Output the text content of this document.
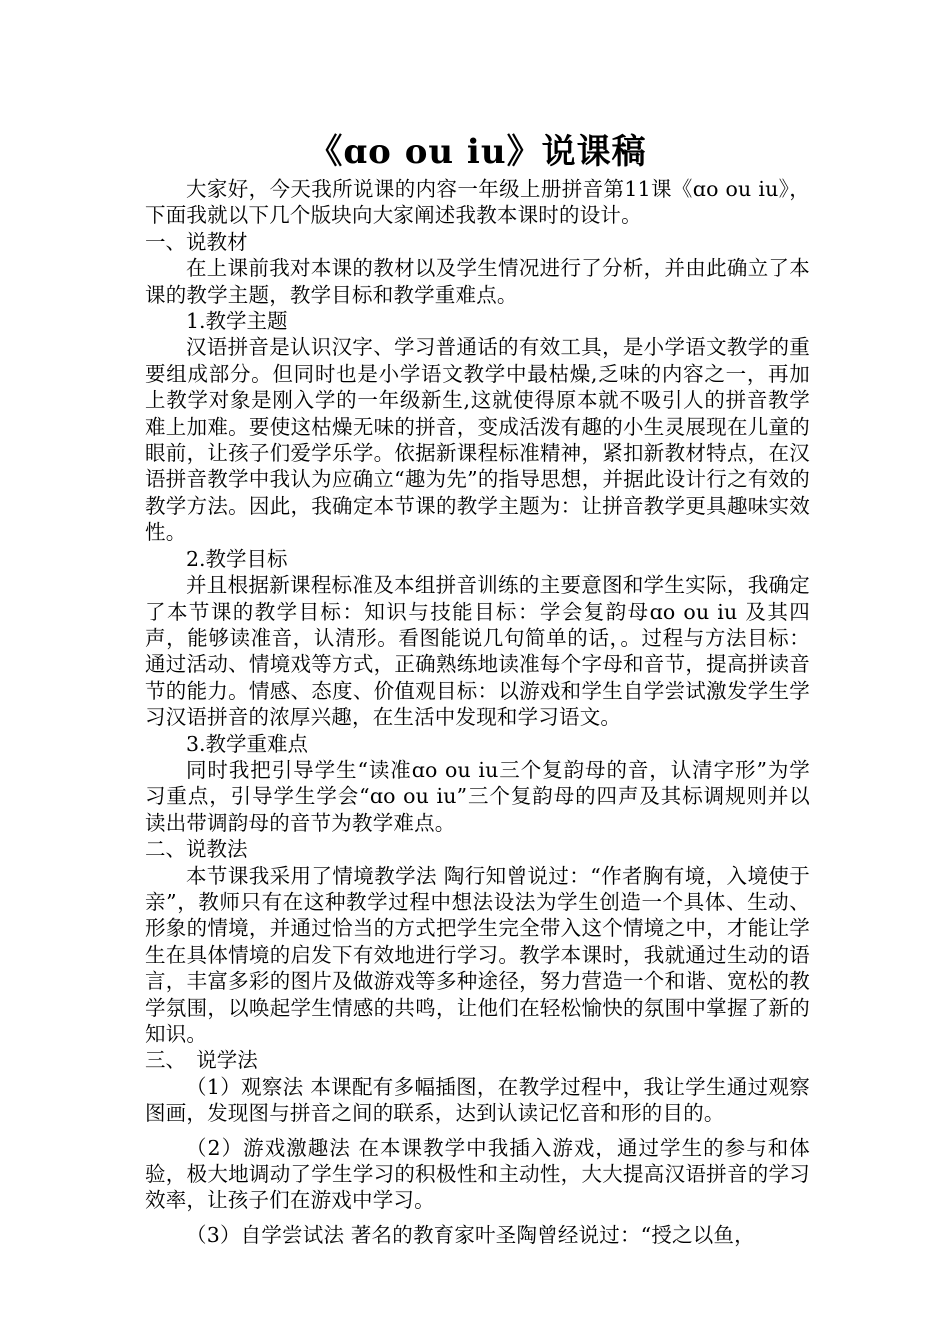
《ɑo ou iu》说课稿

大家好，今天我所说课的内容一年级上册拼音第11课《ɑo ou iu》，下面我就以下几个版块向大家阐述我教本课时的设计。

一、说教材

在上课前我对本课的教材以及学生情况进行了分析，并由此确立了本课的教学主题，教学目标和教学重难点。

1.教学主题

汉语拼音是认识汉字、学习普通话的有效工具，是小学语文教学的重要组成部分。但同时也是小学语文教学中最枯燥,乏味的内容之一，再加上教学对象是刚入学的一年级新生,这就使得原本就不吸引人的拼音教学难上加难。要使这枯燥无味的拼音，变成活泼有趣的小生灵展现在儿童的眼前，让孩子们爱学乐学。依据新课程标准精神，紧扣新教材特点，在汉语拼音教学中我认为应确立“趣为先”的指导思想，并据此设计行之有效的教学方法。因此，我确定本节课的教学主题为：让拼音教学更具趣味实效性。

2.教学目标

并且根据新课程标准及本组拼音训练的主要意图和学生实际，我确定了本节课的教学目标：知识与技能目标：学会复韵母ɑo ou iu 及其四声，能够读准音，认清形。看图能说几句简单的话，。过程与方法目标：通过活动、情境戏等方式，正确熟练地读准每个字母和音节，提高拼读音节的能力。情感、态度、价值观目标：以游戏和学生自学尝试激发学生学习汉语拼音的浓厚兴趣，在生活中发现和学习语文。

3.教学重难点

同时我把引导学生“读准ɑo ou iu三个复韵母的音，认清字形”为学习重点，引导学生学会“ɑo ou iu”三个复韵母的四声及其标调规则并以读出带调韵母的音节为教学难点。

二、说教法

本节课我采用了情境教学法 陶行知曾说过：“作者胸有境，入境使于亲”，教师只有在这种教学过程中想法设法为学生创造一个具体、生动、形象的情境，并通过恰当的方式把学生完全带入这个情境之中，才能让学生在具体情境的启发下有效地进行学习。教学本课时，我就通过生动的语言，丰富多彩的图片及做游戏等多种途径，努力营造一个和谐、宽松的教学氛围，以唤起学生情感的共鸣，让他们在轻松愉快的氛围中掌握了新的知识。

三、　说学法

（1）观察法 本课配有多幅插图，在教学过程中，我让学生通过观察图画，发现图与拼音之间的联系，达到认读记忆音和形的目的。

（2）游戏激趣法 在本课教学中我插入游戏，通过学生的参与和体验，极大地调动了学生学习的积极性和主动性，大大提高汉语拼音的学习效率，让孩子们在游戏中学习。

（3）自学尝试法 著名的教育家叶圣陶曾经说过：“授之以鱼，
